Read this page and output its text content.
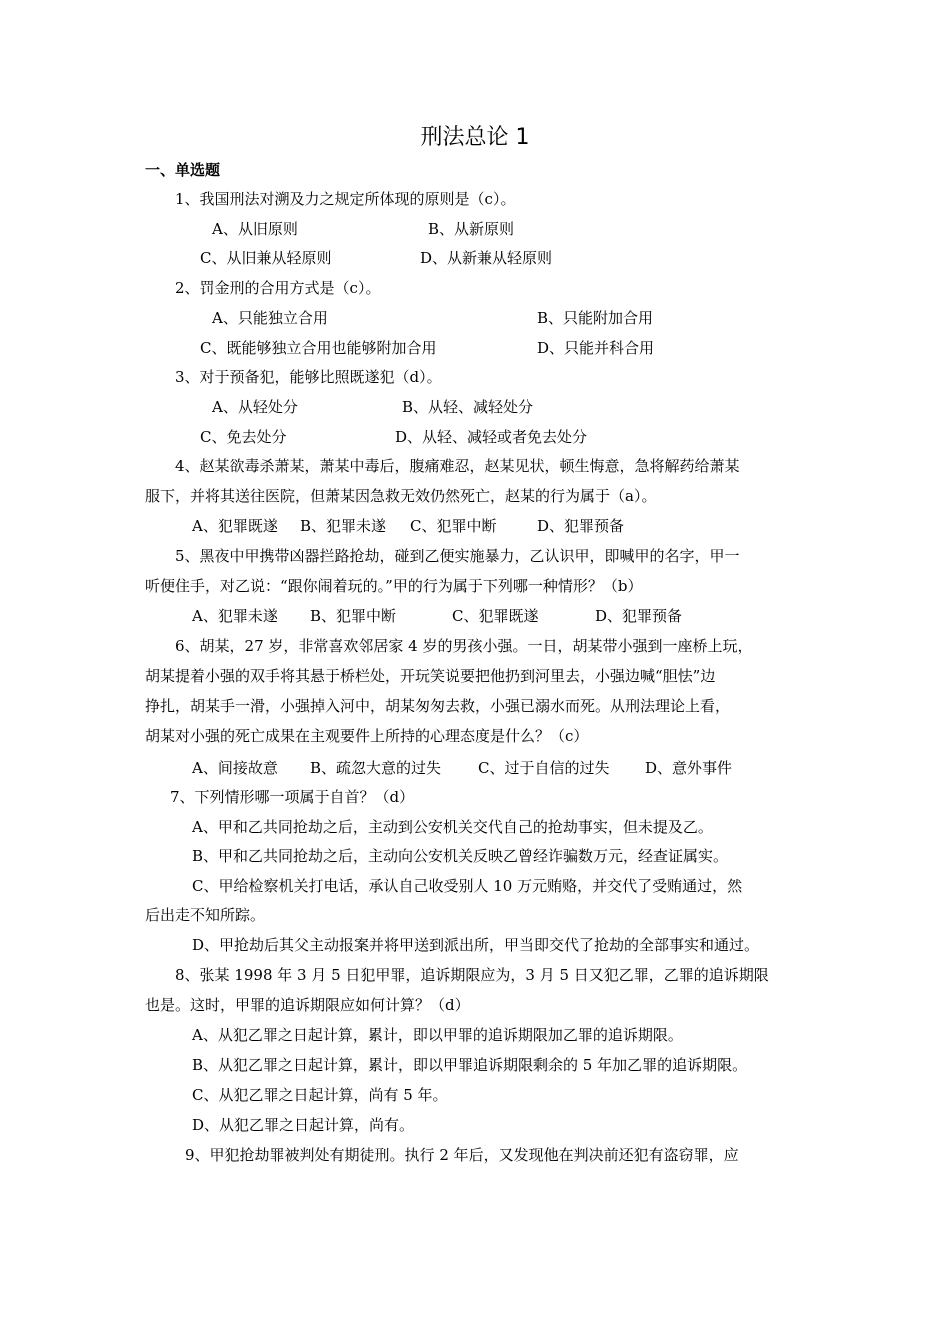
刑法总论 1
一、单选题
1、我国刑法对溯及力之规定所体现的原则是（c）。
A、从旧原则	B、从新原则
C、从旧兼从轻原则	D、从新兼从轻原则
2、罚金刑的合用方式是（c）。
A、只能独立合用	B、只能附加合用
C、既能够独立合用也能够附加合用	D、只能并科合用
3、对于预备犯，能够比照既遂犯（d）。
A、从轻处分	B、从轻、减轻处分
C、免去处分	D、从轻、减轻或者免去处分
4、赵某欲毒杀萧某，萧某中毒后，腹痛难忍，赵某见状，顿生悔意，急将解药给萧某
服下，并将其送往医院，但萧某因急救无效仍然死亡，赵某的行为属于（a）。
A、犯罪既遂 B、犯罪未遂 C、犯罪中断	D、犯罪预备
5、黑夜中甲携带凶器拦路抢劫，碰到乙便实施暴力，乙认识甲，即喊甲的名字，甲一
听便住手，对乙说：“跟你闹着玩的。”甲的行为属于下列哪一种情形？（b）
A、犯罪未遂 B、犯罪中断	C、犯罪既遂	D、犯罪预备
6、胡某，27 岁，非常喜欢邻居家 4 岁的男孩小强。一日，胡某带小强到一座桥上玩，
胡某提着小强的双手将其悬于桥栏处，开玩笑说要把他扔到河里去，小强边喊“胆怯”边
挣扎，胡某手一滑，小强掉入河中，胡某匆匆去救，小强已溺水而死。从刑法理论上看，
胡某对小强的死亡成果在主观要件上所持的心理态度是什么？（c）
A、间接故意 B、疏忽大意的过失 C、过于自信的过失 D、意外事件
7、下列情形哪一项属于自首？（d）
A、甲和乙共同抢劫之后，主动到公安机关交代自己的抢劫事实，但未提及乙。
B、甲和乙共同抢劫之后，主动向公安机关反映乙曾经诈骗数万元，经查证属实。
C、甲给检察机关打电话，承认自己收受别人 10 万元贿赂，并交代了受贿通过，然
后出走不知所踪。
D、甲抢劫后其父主动报案并将甲送到派出所，甲当即交代了抢劫的全部事实和通过。
8、张某 1998 年 3 月 5 日犯甲罪，追诉期限应为，3 月 5 日又犯乙罪，乙罪的追诉期限
也是。这时，甲罪的追诉期限应如何计算？（d）
A、从犯乙罪之日起计算，累计，即以甲罪的追诉期限加乙罪的追诉期限。
B、从犯乙罪之日起计算，累计，即以甲罪追诉期限剩余的 5 年加乙罪的追诉期限。
C、从犯乙罪之日起计算，尚有 5 年。
D、从犯乙罪之日起计算，尚有。
9、甲犯抢劫罪被判处有期徒刑。执行 2 年后，又发现他在判决前还犯有盗窃罪，应
